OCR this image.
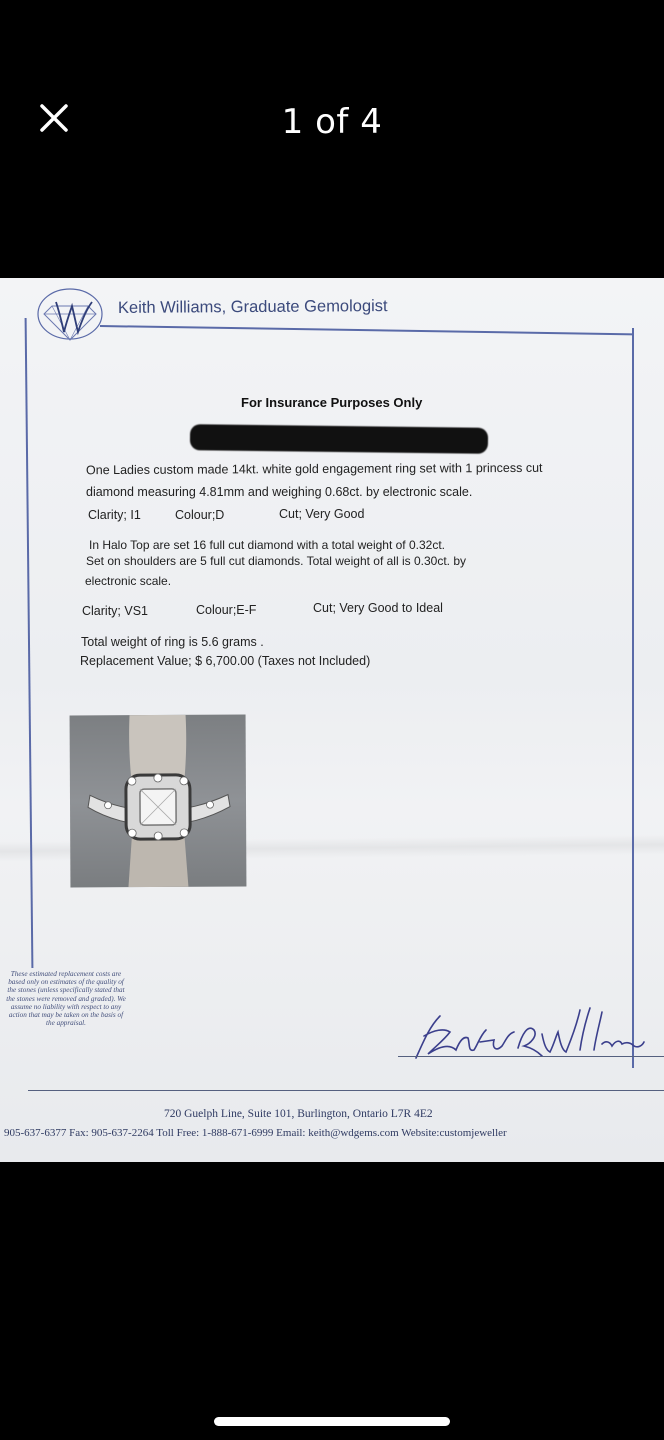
1 of 4
Keith Williams, Graduate Gemologist
For Insurance Purposes Only
One Ladies custom made 14kt. white gold engagement ring set with 1 princess cut
diamond measuring 4.81mm and weighing 0.68ct. by electronic scale.
Clarity; I1	Colour;D	Cut; Very Good
In Halo Top are set 16 full cut diamond with a total weight of 0.32ct.
Set on shoulders are 5 full cut diamonds. Total weight of all is 0.30ct. by
electronic scale.
Clarity; VS1	Colour;E-F	Cut; Very Good to Ideal
Total weight of ring is 5.6 grams .
Replacement Value; $ 6,700.00 (Taxes not Included)
These estimated replacement costs are based only on estimates of the quality of the stones (unless specifically stated that the stones were removed and graded). We assume no liability with respect to any action that may be taken on the basis of the appraisal.
720 Guelph Line, Suite 101, Burlington, Ontario L7R 4E2
905-637-6377 Fax: 905-637-2264 Toll Free: 1-888-671-6999 Email: keith@wdgems.com Website:customjeweller
